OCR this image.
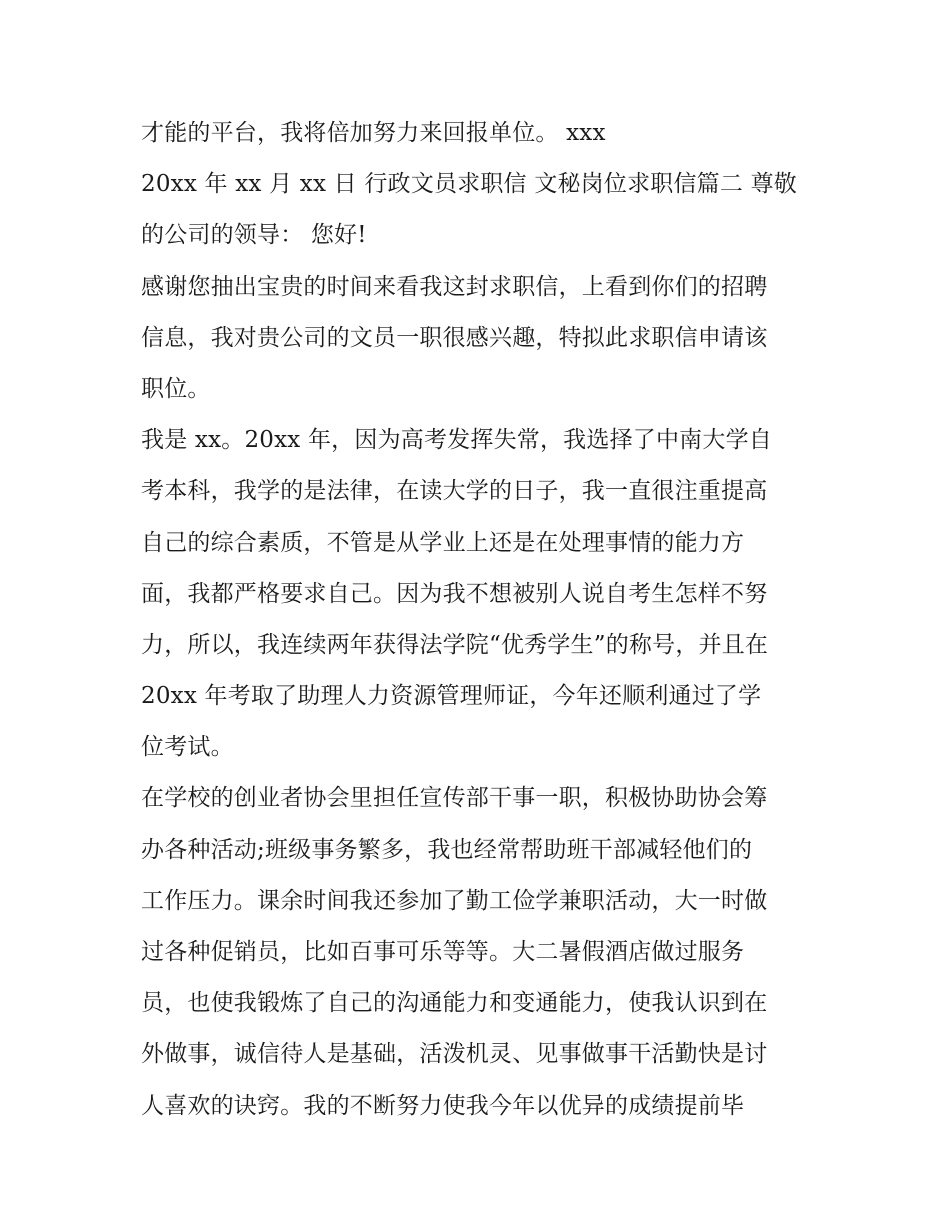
才能的平台，我将倍加努力来回报单位。 xxx
20xx 年 xx 月 xx 日 行政文员求职信 文秘岗位求职信篇二 尊敬
的公司的领导： 您好!
感谢您抽出宝贵的时间来看我这封求职信，上看到你们的招聘
信息，我对贵公司的文员一职很感兴趣，特拟此求职信申请该
职位。
我是 xx。20xx 年，因为高考发挥失常，我选择了中南大学自
考本科，我学的是法律，在读大学的日子，我一直很注重提高
自己的综合素质，不管是从学业上还是在处理事情的能力方
面，我都严格要求自己。因为我不想被别人说自考生怎样不努
力，所以，我连续两年获得法学院“优秀学生”的称号，并且在
20xx 年考取了助理人力资源管理师证，今年还顺利通过了学
位考试。
在学校的创业者协会里担任宣传部干事一职，积极协助协会筹
办各种活动;班级事务繁多，我也经常帮助班干部减轻他们的
工作压力。课余时间我还参加了勤工俭学兼职活动，大一时做
过各种促销员，比如百事可乐等等。大二暑假酒店做过服务
员，也使我锻炼了自己的沟通能力和变通能力，使我认识到在
外做事，诚信待人是基础，活泼机灵、见事做事干活勤快是讨
人喜欢的诀窍。我的不断努力使我今年以优异的成绩提前毕
